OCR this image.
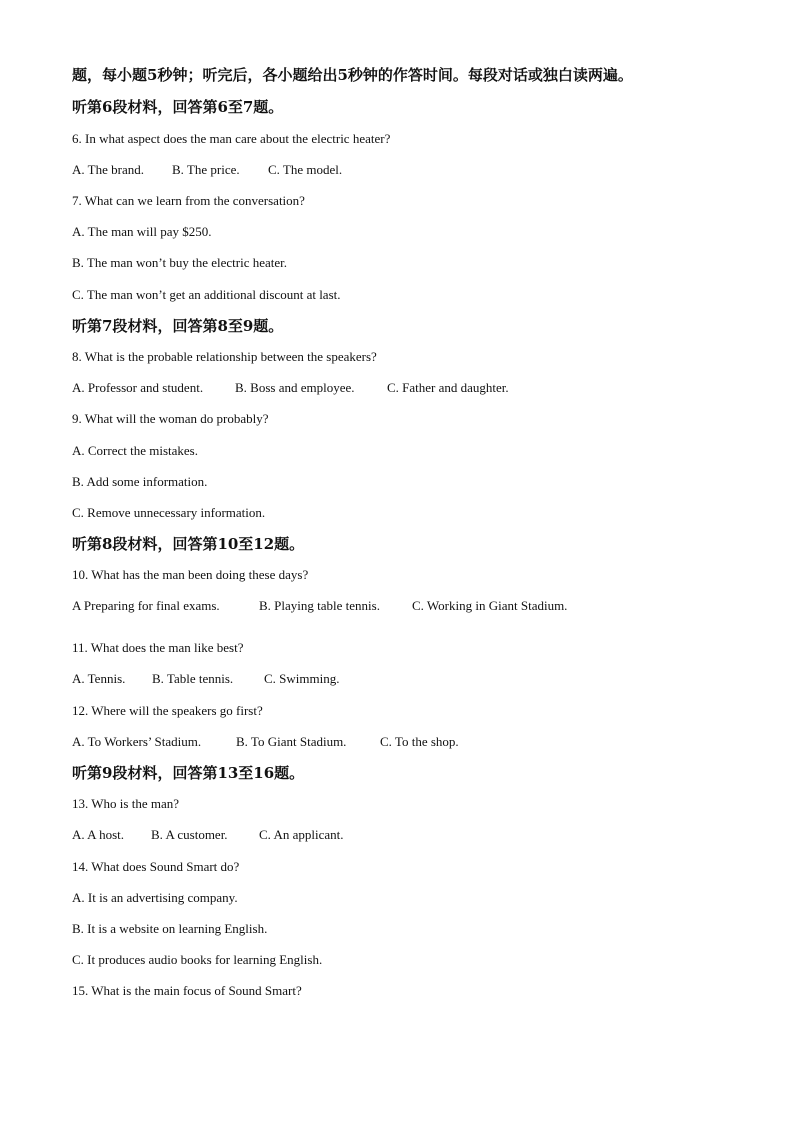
题，每小题5秒钟；听完后，各小题给出5秒钟的作答时间。每段对话或独白读两遍。
听第6段材料，回答第6至7题。
6. In what aspect does the man care about the electric heater?
A. The brand. B. The price. C. The model.
7. What can we learn from the conversation?
A. The man will pay $250.
B. The man won’t buy the electric heater.
C. The man won’t get an additional discount at last.
听第7段材料，回答第8至9题。
8. What is the probable relationship between the speakers?
A. Professor and student. B. Boss and employee. C. Father and daughter.
9. What will the woman do probably?
A. Correct the mistakes.
B. Add some information.
C. Remove unnecessary information.
听第8段材料，回答第10至12题。
10. What has the man been doing these days?
A Preparing for final exams.	B. Playing table tennis. C. Working in Giant Stadium.
11. What does the man like best?
A. Tennis. B. Table tennis. C. Swimming.
12. Where will the speakers go first?
A. To Workers’ Stadium.	B. To Giant Stadium.	C. To the shop.
听第9段材料，回答第13至16题。
13. Who is the man?
A. A host. B. A customer. C. An applicant.
14. What does Sound Smart do?
A. It is an advertising company.
B. It is a website on learning English.
C. It produces audio books for learning English.
15. What is the main focus of Sound Smart?
